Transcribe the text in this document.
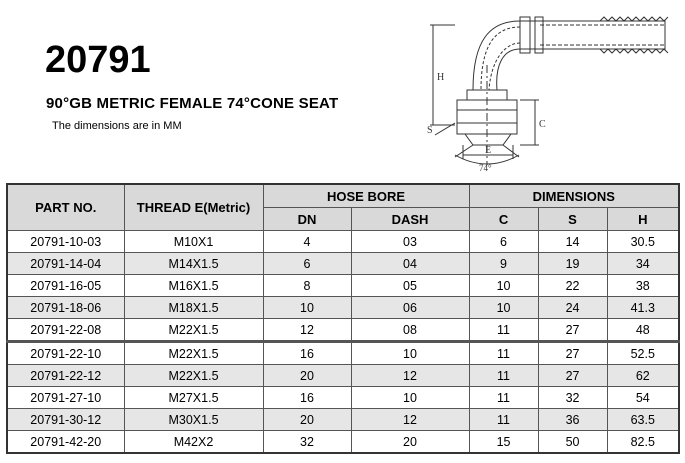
20791
90°GB METRIC FEMALE 74°CONE SEAT
The dimensions are in MM
H
S
E
C
74°
PART NO.	THREAD E(Metric)	HOSE BORE		DIMENSIONS		
		DN	DASH	C	S	H
20791-10-03	M10X1	4	03	6	14	30.5
20791-14-04	M14X1.5	6	04	9	19	34
20791-16-05	M16X1.5	8	05	10	22	38
20791-18-06	M18X1.5	10	06	10	24	41.3
20791-22-08	M22X1.5	12	08	11	27	48
20791-22-10	M22X1.5	16	10	11	27	52.5
20791-22-12	M22X1.5	20	12	11	27	62
20791-27-10	M27X1.5	16	10	11	32	54
20791-30-12	M30X1.5	20	12	11	36	63.5
20791-42-20	M42X2	32	20	15	50	82.5
